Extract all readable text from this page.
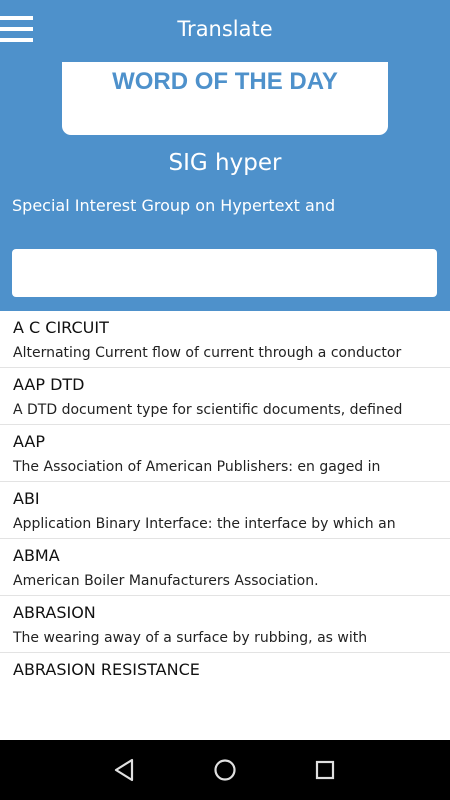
Translate
WORD OF THE DAY
SIG hyper
Special Interest Group on Hypertext and
A C CIRCUIT
Alternating Current flow of current through a conductor
AAP DTD
A DTD document type for scientific documents, defined
AAP
The Association of American Publishers: en gaged in
ABI
Application Binary Interface: the interface by which an
ABMA
American Boiler Manufacturers Association.
ABRASION
The wearing away of a surface by rubbing, as with
ABRASION RESISTANCE
